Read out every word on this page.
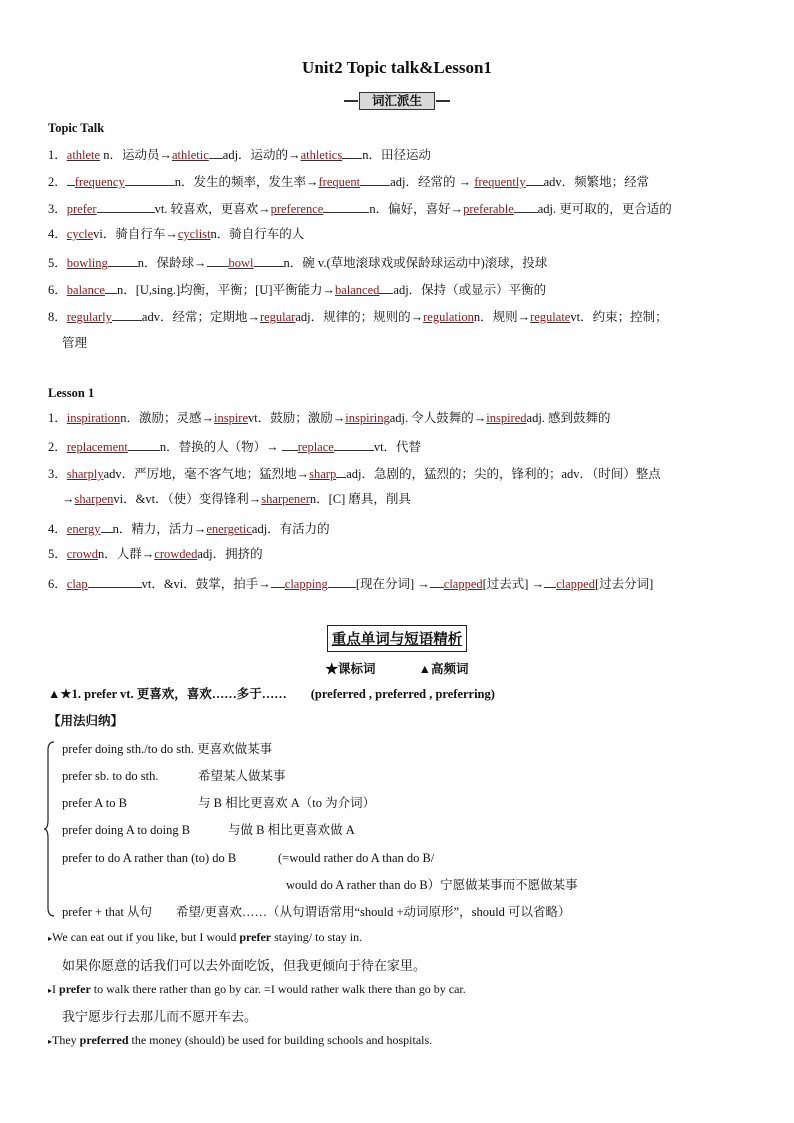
Unit2 Topic talk&Lesson1
词汇派生
Topic Talk
1．athlete n．运动员→athletic adj．运动的→athletics n．田径运动
2． frequency	n．发生的频率，发生率→frequent adj．经常的 → frequently adv．频繁地；经常
3．prefer	vt. 较喜欢，更喜欢→preference	n．偏好，喜好→preferable adj. 更可取的，更合适的
4．cyclevi．骑自行车→cyclistn．骑自行车的人
5．bowling n．保龄球→ bowl n．碗 v.(草地滚球戏或保龄球运动中)滚球，投球
6．balance n．[U,sing.]均衡，平衡；[U]平衡能力→balanced adj．保持（或显示）平衡的
8．regularly adv．经常；定期地→regularadj．规律的；规则的→regulationn．规则→regulatevt．约束；控制；
管理
Lesson 1
1．inspirationn．激励；灵感→inspirevt．鼓励；激励→inspiringadj. 令人鼓舞的→inspiredadj. 感到鼓舞的
2．replacement	n．替换的人（物）→ replace	vt．代替
3．sharplyadv．严厉地，毫不客气地；猛烈地→sharp adj．急剧的，猛烈的；尖的，锋利的；adv．（时间）整点
→sharpenvi．&vt．（使）变得锋利→sharpenern．[C] 磨具，削具
4．energy n．精力，活力→energeticadj．有活力的
5．crowdn．人群→crowdedadj．拥挤的
6．clap	vt．&vi．鼓掌，拍手→ clapping [现在分词] → clapped[过去式] → clapped[过去分词]
重点单词与短语精析
★课标词	▲高频词
▲★1. prefer vt. 更喜欢，喜欢……多于…… (preferred , preferred , preferring)
【用法归纳】
prefer doing sth./to do sth. 更喜欢做某事
prefer sb. to do sth.	希望某人做某事
prefer A to B	与 B 相比更喜欢 A（to 为介词）
prefer doing A to doing B	与做 B 相比更喜欢做 A
prefer to do A rather than (to) do B	(=would rather do A than do B/
would do A rather than do B）宁愿做某事而不愿做某事
prefer + that 从句 希望/更喜欢……（从句谓语常用“should +动词原形”，should 可以省略）
▸We can eat out if you like, but I would prefer staying/ to stay in.
如果你愿意的话我们可以去外面吃饭，但我更倾向于待在家里。
▸I prefer to walk there rather than go by car. =I would rather walk there than go by car.
我宁愿步行去那儿而不愿开车去。
▸They preferred the money (should) be used for building schools and hospitals.
